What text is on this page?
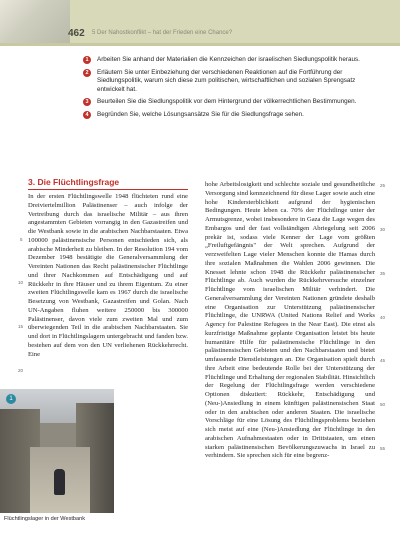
462 5 Der Nahostkonflikt – hat der Frieden eine Chance?
1	Arbeiten Sie anhand der Materialien die Kennzeichen der israelischen Siedlungspolitik heraus.
2	Erläutern Sie unter Einbeziehung der verschiedenen Reaktionen auf die Fortführung der Siedlungspolitik, warum sich diese zum politischen, wirtschaftlichen und sozialen Sprengsatz entwickelt hat.
3	Beurteilen Sie die Siedlungspolitik vor dem Hintergrund der völkerrechtlichen Bestimmungen.
4	Begründen Sie, welche Lösungsansätze Sie für die Siedlungsfrage sehen.
3. Die Flüchtlingsfrage

In der ersten Flüchtlingswelle 1948 flüchteten rund eine Dreiviertelmillion Palästinenser – auch infolge der Vertreibung durch das israelische Militär – aus ihren angestammten Gebieten vorrangig in den Gazastreifen und die Westbank sowie in die arabischen Nachbarstaaten. Etwa 100000 palästinensische Personen entschieden sich, als arabische Minderheit zu bleiben. In der Resolution 194 vom Dezember 1948 bestätigte die Generalversammlung der Vereinten Nationen das Recht palästinensischer Flüchtlinge und ihrer Nachkommen auf Entschädigung und auf Rückkehr in ihre Häuser und zu ihrem Eigentum. Zu einer zweiten Flüchtlingswelle kam es 1967 durch die israelische Besetzung von Westbank, Gazastreifen und Golan. Nach UN-Angaben fluhen weitere 250000 bis 300000 Palästinenser, davon viele zum zweiten Mal und zum überwiegenden Teil in die arabischen Nachbarstaaten. Sie und dort in Flüchtlingslagern untergebracht und fanden bzw. bestehen auf dem von den UN verliehenen Rückkehrrecht. Eine

hohe Arbeitslosigkeit und schlechte soziale und gesundheitliche Versorgung sind kennzeichnend für diese Lager sowie auch eine hohe Kindersterblichkeit aufgrund der hygienischen Bedingungen. Heute leben ca. 70% der Flüchtlinge unter der Armutsgrenze, wobei insbesondere in Gaza die Lage wegen des Embargos und der fast vollständigen Abriegelung seit 2006 prekär ist, sodass viele Kenner der Lage vom größten „Freiluftgefängnis" der Welt sprechen. Aufgrund der verzweifelten Lage vieler Menschen konnte die Hamas durch ihre sozialen Maßnahmen die Wahlen 2006 gewinnen. Die Knesset lehnte schon 1948 die Rückkehr palästinensischer Flüchtlinge ab. Auch wurden die Rückkehrversuche einzelner Flüchtlinge vom israelischen Militär verhindert. Die Generalversammlung der Vereinten Nationen gründete deshalb eine Organisation zur Unterstützung palästinensischer Flüchtlinge, die UNRWA (United Nations Relief and Works Agency for Palestine Refugees in the Near East). Die einst als kurzfristige Maßnahme geplante Organisation leistet bis heute humanitäre Hilfe für palästinensische Flüchtlinge in den palästinensischen Gebieten und den Nachbarstaaten und bietet umfassende Dienstleistungen an. Die Organisation spielt durch ihre Arbeit eine bedeutende Rolle bei der Unterstützung der Flüchtlinge und Erhaltung der regionalen Stabilität. Hinsichtlich der Regelung der Flüchtlingsfrage werden verschiedene Optionen diskutiert: Rückkehr, Entschädigung und (Neu-)Ansiedlung in einem künftigen palästinensischen Staat oder in den arabischen oder anderen Staaten. Die israelische Vorschläge für eine Lösung des Flüchtlingsproblems beziehen sich meist auf eine (Neu-)Ansiedlung der Flüchtlinge in den arabischen Aufnahmestaaten oder in Drittstaaten, um einen starken palästinensischen Bevölkerungszuwachs in Israel zu verhindern. Sie sprechen sich für eine begrenz-

5
10
15
20
25
30
35
40
45
50
55
1
Flüchtlingslager in der Westbank
